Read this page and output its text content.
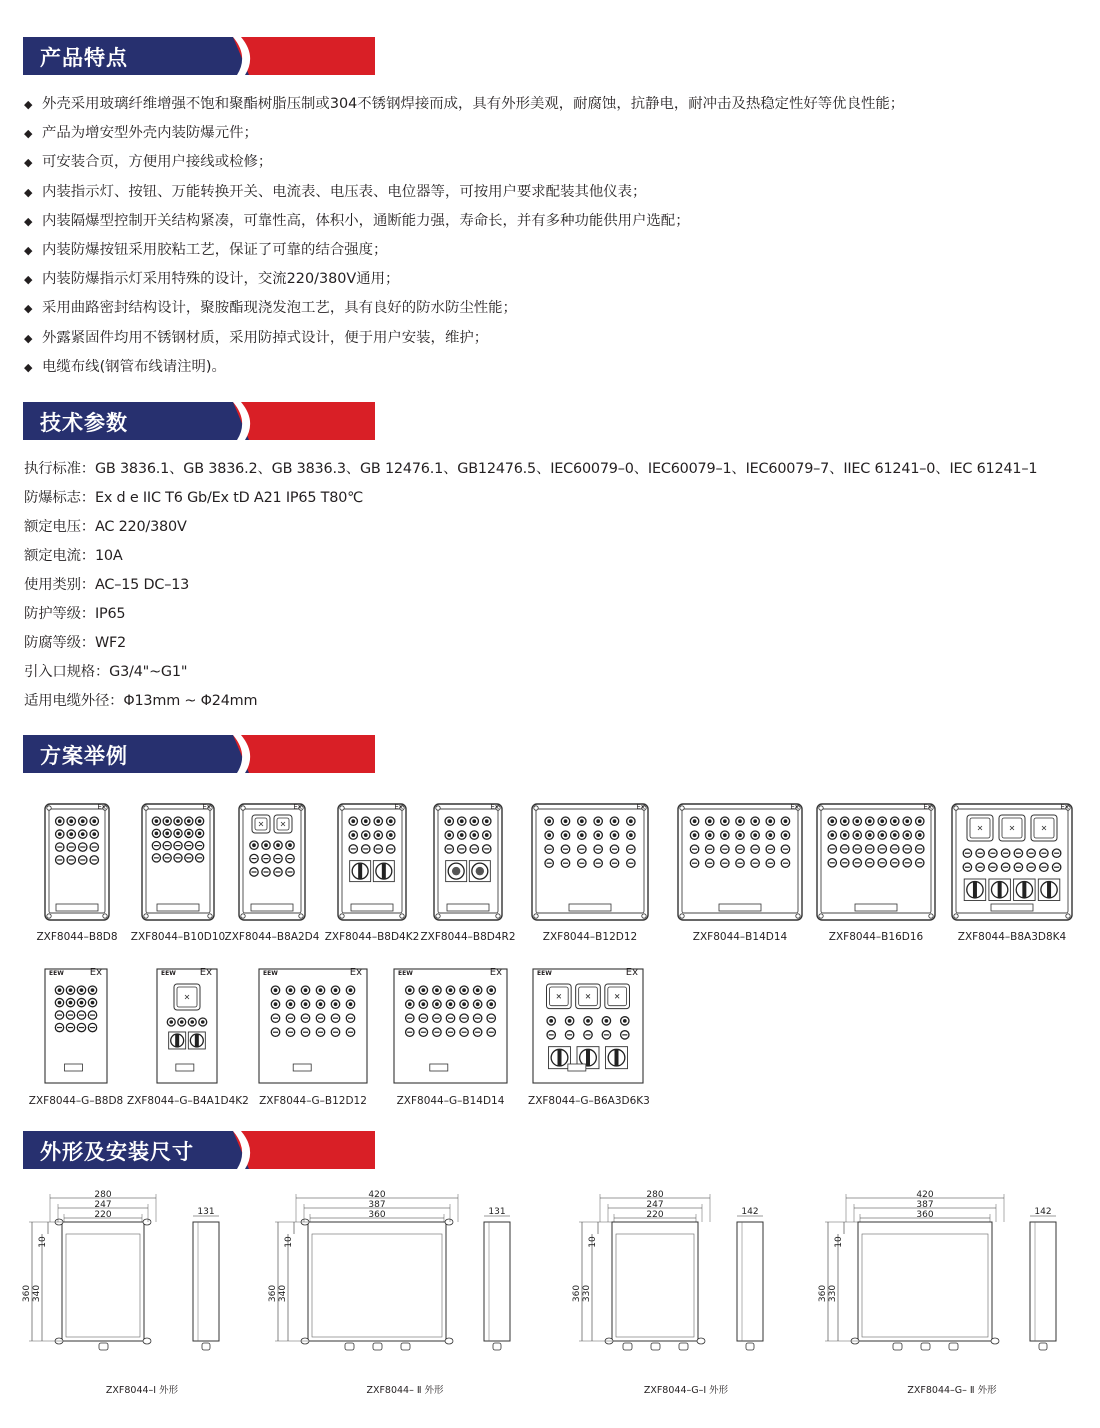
产品特点
技术参数
方案举例
外形及安装尺寸
◆ 外壳采用玻璃纤维增强不饱和聚酯树脂压制或304不锈钢焊接而成，具有外形美观，耐腐蚀，抗静电，耐冲击及热稳定性好等优良性能；
◆ 产品为增安型外壳内装防爆元件；
◆ 可安装合页，方便用户接线或检修；
◆ 内装指示灯、按钮、万能转换开关、电流表、电压表、电位器等，可按用户要求配装其他仪表；
◆ 内装隔爆型控制开关结构紧凑，可靠性高，体积小，通断能力强，寿命长，并有多种功能供用户选配；
◆ 内装防爆按钮采用胶粘工艺，保证了可靠的结合强度；
◆ 内装防爆指示灯采用特殊的设计，交流220/380V通用；
◆ 采用曲路密封结构设计，聚胺酯现浇发泡工艺，具有良好的防水防尘性能；
◆ 外露紧固件均用不锈钢材质，采用防掉式设计，便于用户安装，维护；
◆ 电缆布线(钢管布线请注明)。
执行标准：GB 3836.1、GB 3836.2、GB 3836.3、GB 12476.1、GB12476.5、IEC60079–0、IEC60079–1、IEC60079–7、IIEC 61241–0、IEC 61241–1
防爆标志：Ex d e IIC T6 Gb/Ex tD A21 IP65 T80℃
额定电压：AC 220/380V
额定电流：10A
使用类别：AC–15 DC–13
防护等级：IP65
防腐等级：WF2
引入口规格：G3/4"~G1"
适用电缆外径：Φ13mm ~ Φ24mm
Ex
ZXF8044–B8D8
Ex
ZXF8044–B10D10
Ex
ZXF8044–B8A2D4
Ex
ZXF8044–B8D4K2
Ex
ZXF8044–B8D4R2
Ex
ZXF8044–B12D12
Ex
ZXF8044–B14D14
Ex
ZXF8044–B16D16
Ex
ZXF8044–B8A3D8K4
Ex
EEW
ZXF8044–G–B8D8
Ex
EEW
ZXF8044–G–B4A1D4K2
Ex
EEW
ZXF8044–G–B12D12
Ex
EEW
ZXF8044–G–B14D14
Ex
EEW
ZXF8044–G–B6A3D6K3
280
247
220
360 340
10
131
ZXF8044–I 外形
420
387
360
360 340
10
131
ZXF8044– Ⅱ 外形
280
247
220
360 330
10
142
ZXF8044–G–I 外形
420
387
360
360 330
10
142
ZXF8044–G– Ⅱ 外形
